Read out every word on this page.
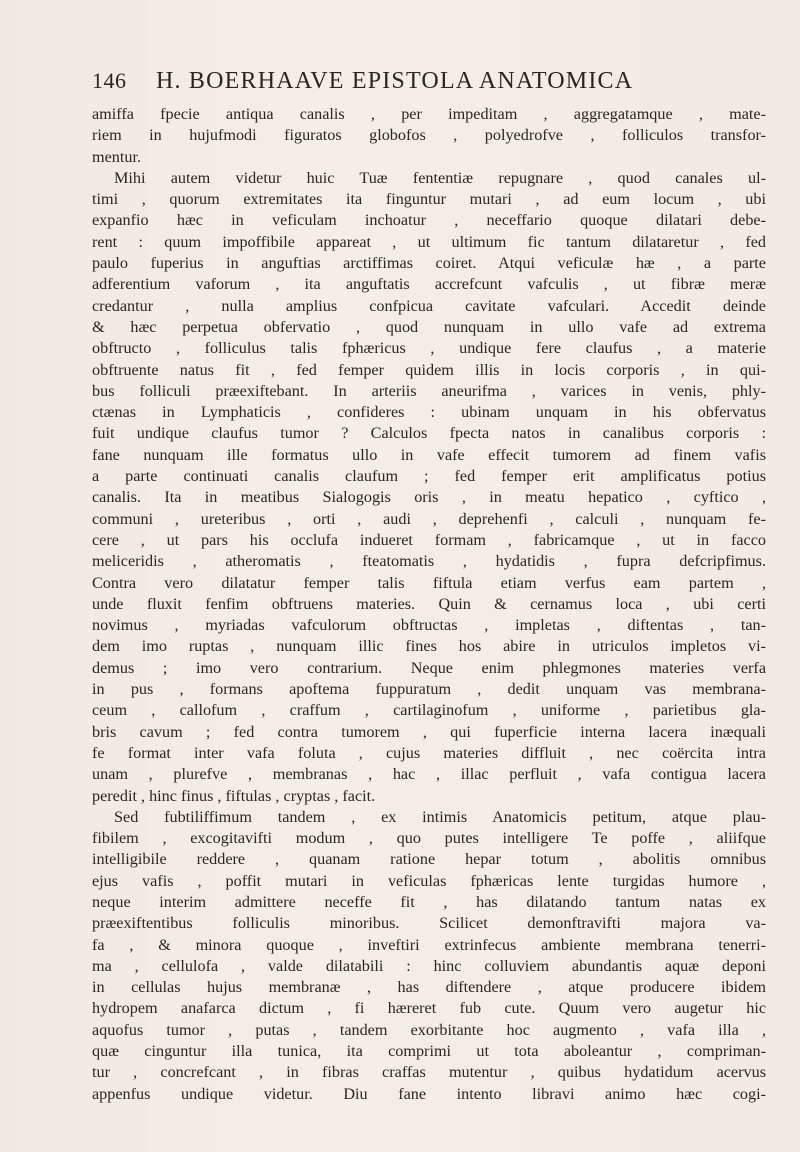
146	H. BOERHAAVE EPISTOLA ANATOMICA
amiffa fpecie antiqua canalis , per impeditam , aggregatamque , mate-
riem in hujufmodi figuratos globofos , polyedrofve , folliculos transfor-
mentur.
Mihi autem videtur huic Tuæ fententiæ repugnare , quod canales ul-
timi , quorum extremitates ita finguntur mutari , ad eum locum , ubi
expanfio hæc in veficulam inchoatur , neceffario quoque dilatari debe-
rent : quum impoffibile appareat , ut ultimum fic tantum dilataretur , fed
paulo fuperius in anguftias arctiffimas coiret. Atqui veficulæ hæ , a parte
adferentium vaforum , ita anguftatis accrefcunt vafculis , ut fibræ meræ
credantur , nulla amplius confpicua cavitate vafculari. Accedit deinde
& hæc perpetua obfervatio , quod nunquam in ullo vafe ad extrema
obftructo , folliculus talis fphæricus , undique fere claufus , a materie
obftruente natus fit , fed femper quidem illis in locis corporis , in qui-
bus folliculi præexiftebant. In arteriis aneurifma , varices in venis, phly-
ctænas in Lymphaticis , confideres : ubinam unquam in his obfervatus
fuit undique claufus tumor ? Calculos fpecta natos in canalibus corporis :
fane nunquam ille formatus ullo in vafe effecit tumorem ad finem vafis
a parte continuati canalis claufum ; fed femper erit amplificatus potius
canalis. Ita in meatibus Sialogogis oris , in meatu hepatico , cyftico ,
communi , ureteribus , orti , audi , deprehenfi , calculi , nunquam fe-
cere , ut pars his occlufa indueret formam , fabricamque , ut in facco
meliceridis , atheromatis , fteatomatis , hydatidis , fupra defcripfimus.
Contra vero dilatatur femper talis fiftula etiam verfus eam partem ,
unde fluxit fenfim obftruens materies. Quin & cernamus loca , ubi certi
novimus , myriadas vafculorum obftructas , impletas , diftentas , tan-
dem imo ruptas , nunquam illic fines hos abire in utriculos impletos vi-
demus ; imo vero contrarium. Neque enim phlegmones materies verfa
in pus , formans apoftema fuppuratum , dedit unquam vas membrana-
ceum , callofum , craffum , cartilaginofum , uniforme , parietibus gla-
bris cavum ; fed contra tumorem , qui fuperficie interna lacera inæquali
fe format inter vafa foluta , cujus materies diffluit , nec coërcita intra
unam , plurefve , membranas , hac , illac perfluit , vafa contigua lacera
peredit , hinc finus , fiftulas , cryptas , facit.
Sed fubtiliffimum tandem , ex intimis Anatomicis petitum, atque plau-
fibilem , excogitavifti modum , quo putes intelligere Te poffe , aliifque
intelligibile reddere , quanam ratione hepar totum , abolitis omnibus
ejus vafis , poffit mutari in veficulas fphæricas lente turgidas humore ,
neque interim admittere neceffe fit , has dilatando tantum natas ex
præexiftentibus folliculis minoribus. Scilicet demonftravifti majora va-
fa , & minora quoque , inveftiri extrinfecus ambiente membrana tenerri-
ma , cellulofa , valde dilatabili : hinc colluviem abundantis aquæ deponi
in cellulas hujus membranæ , has diftendere , atque producere ibidem
hydropem anafarca dictum , fi hæreret fub cute. Quum vero augetur hic
aquofus tumor , putas , tandem exorbitante hoc augmento , vafa illa ,
quæ cinguntur illa tunica, ita comprimi ut tota aboleantur , compriman-
tur , concrefcant , in fibras craffas mutentur , quibus hydatidum acervus
appenfus undique videtur. Diu fane intento libravi animo hæc cogi-
